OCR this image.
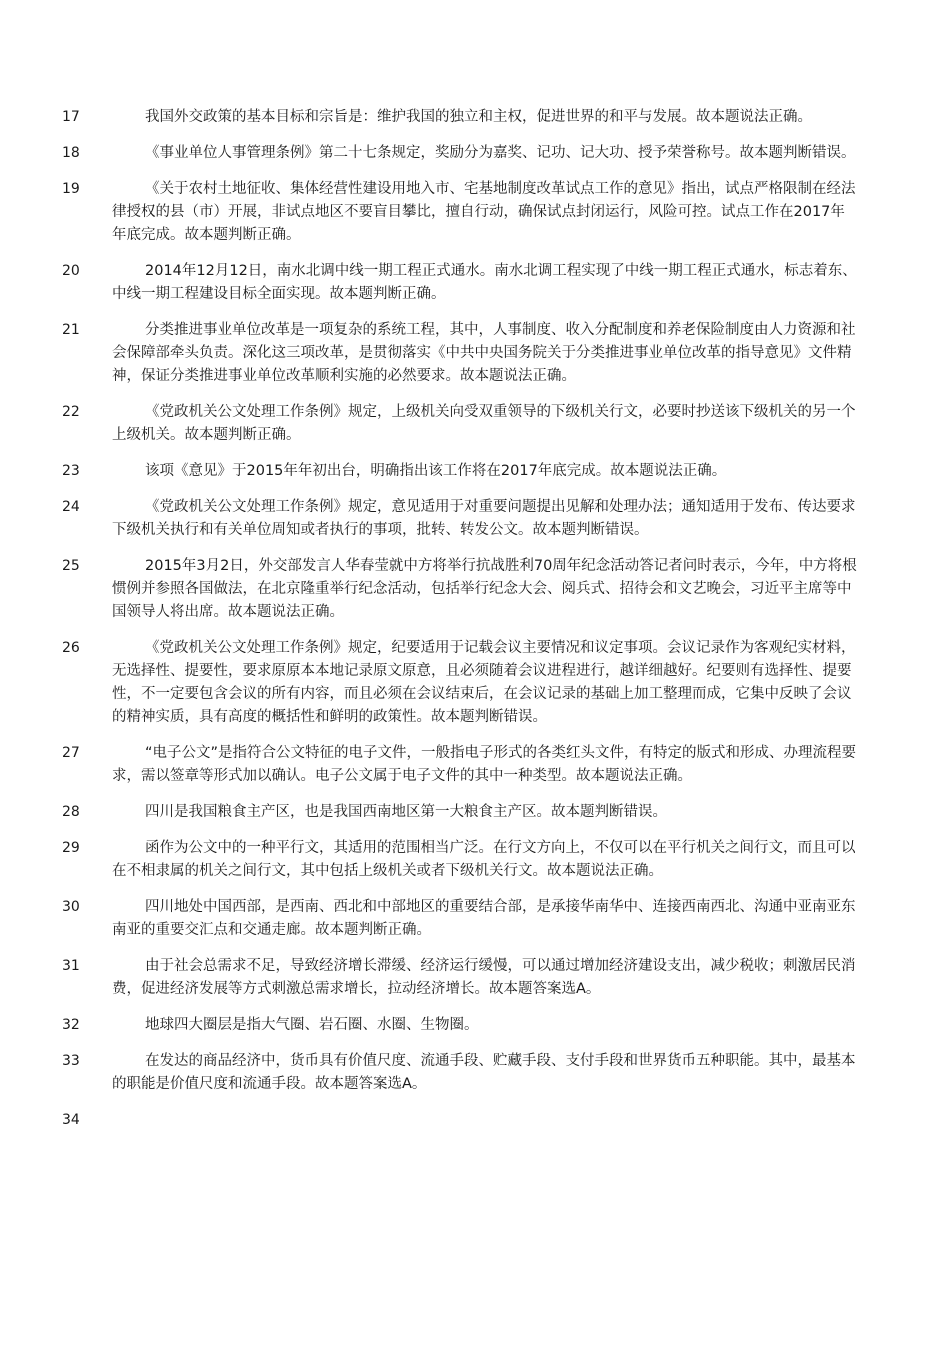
17	我国外交政策的基本目标和宗旨是：维护我国的独立和主权，促进世界的和平与发展。故本题说法正确。
18	《事业单位人事管理条例》第二十七条规定，奖励分为嘉奖、记功、记大功、授予荣誉称号。故本题判断错误。
19	《关于农村土地征收、集体经营性建设用地入市、宅基地制度改革试点工作的意见》指出，试点严格限制在经法律授权的县（市）开展，非试点地区不要盲目攀比，擅自行动，确保试点封闭运行，风险可控。试点工作在2017年年底完成。故本题判断正确。
20	2014年12月12日，南水北调中线一期工程正式通水。南水北调工程实现了中线一期工程正式通水，标志着东、中线一期工程建设目标全面实现。故本题判断正确。
21	分类推进事业单位改革是一项复杂的系统工程，其中，人事制度、收入分配制度和养老保险制度由人力资源和社会保障部牵头负责。深化这三项改革，是贯彻落实《中共中央国务院关于分类推进事业单位改革的指导意见》文件精神，保证分类推进事业单位改革顺利实施的必然要求。故本题说法正确。
22	《党政机关公文处理工作条例》规定，上级机关向受双重领导的下级机关行文，必要时抄送该下级机关的另一个上级机关。故本题判断正确。
23	该项《意见》于2015年年初出台，明确指出该工作将在2017年底完成。故本题说法正确。
24	《党政机关公文处理工作条例》规定，意见适用于对重要问题提出见解和处理办法；通知适用于发布、传达要求下级机关执行和有关单位周知或者执行的事项，批转、转发公文。故本题判断错误。
25	2015年3月2日，外交部发言人华春莹就中方将举行抗战胜利70周年纪念活动答记者问时表示，今年，中方将根惯例并参照各国做法，在北京隆重举行纪念活动，包括举行纪念大会、阅兵式、招待会和文艺晚会，习近平主席等中国领导人将出席。故本题说法正确。
26	《党政机关公文处理工作条例》规定，纪要适用于记载会议主要情况和议定事项。会议记录作为客观纪实材料，无选择性、提要性，要求原原本本地记录原文原意，且必须随着会议进程进行，越详细越好。纪要则有选择性、提要性，不一定要包含会议的所有内容，而且必须在会议结束后，在会议记录的基础上加工整理而成，它集中反映了会议的精神实质，具有高度的概括性和鲜明的政策性。故本题判断错误。
27	“电子公文”是指符合公文特征的电子文件，一般指电子形式的各类红头文件，有特定的版式和形成、办理流程要求，需以签章等形式加以确认。电子公文属于电子文件的其中一种类型。故本题说法正确。
28	四川是我国粮食主产区，也是我国西南地区第一大粮食主产区。故本题判断错误。
29	函作为公文中的一种平行文，其适用的范围相当广泛。在行文方向上，不仅可以在平行机关之间行文，而且可以在不相隶属的机关之间行文，其中包括上级机关或者下级机关行文。故本题说法正确。
30	四川地处中国西部，是西南、西北和中部地区的重要结合部，是承接华南华中、连接西南西北、沟通中亚南亚东南亚的重要交汇点和交通走廊。故本题判断正确。
31	由于社会总需求不足，导致经济增长滞缓、经济运行缓慢，可以通过增加经济建设支出，减少税收；刺激居民消费，促进经济发展等方式刺激总需求增长，拉动经济增长。故本题答案选A。
32	地球四大圈层是指大气圈、岩石圈、水圈、生物圈。
33	在发达的商品经济中，货币具有价值尺度、流通手段、贮藏手段、支付手段和世界货币五种职能。其中，最基本的职能是价值尺度和流通手段。故本题答案选A。
34
